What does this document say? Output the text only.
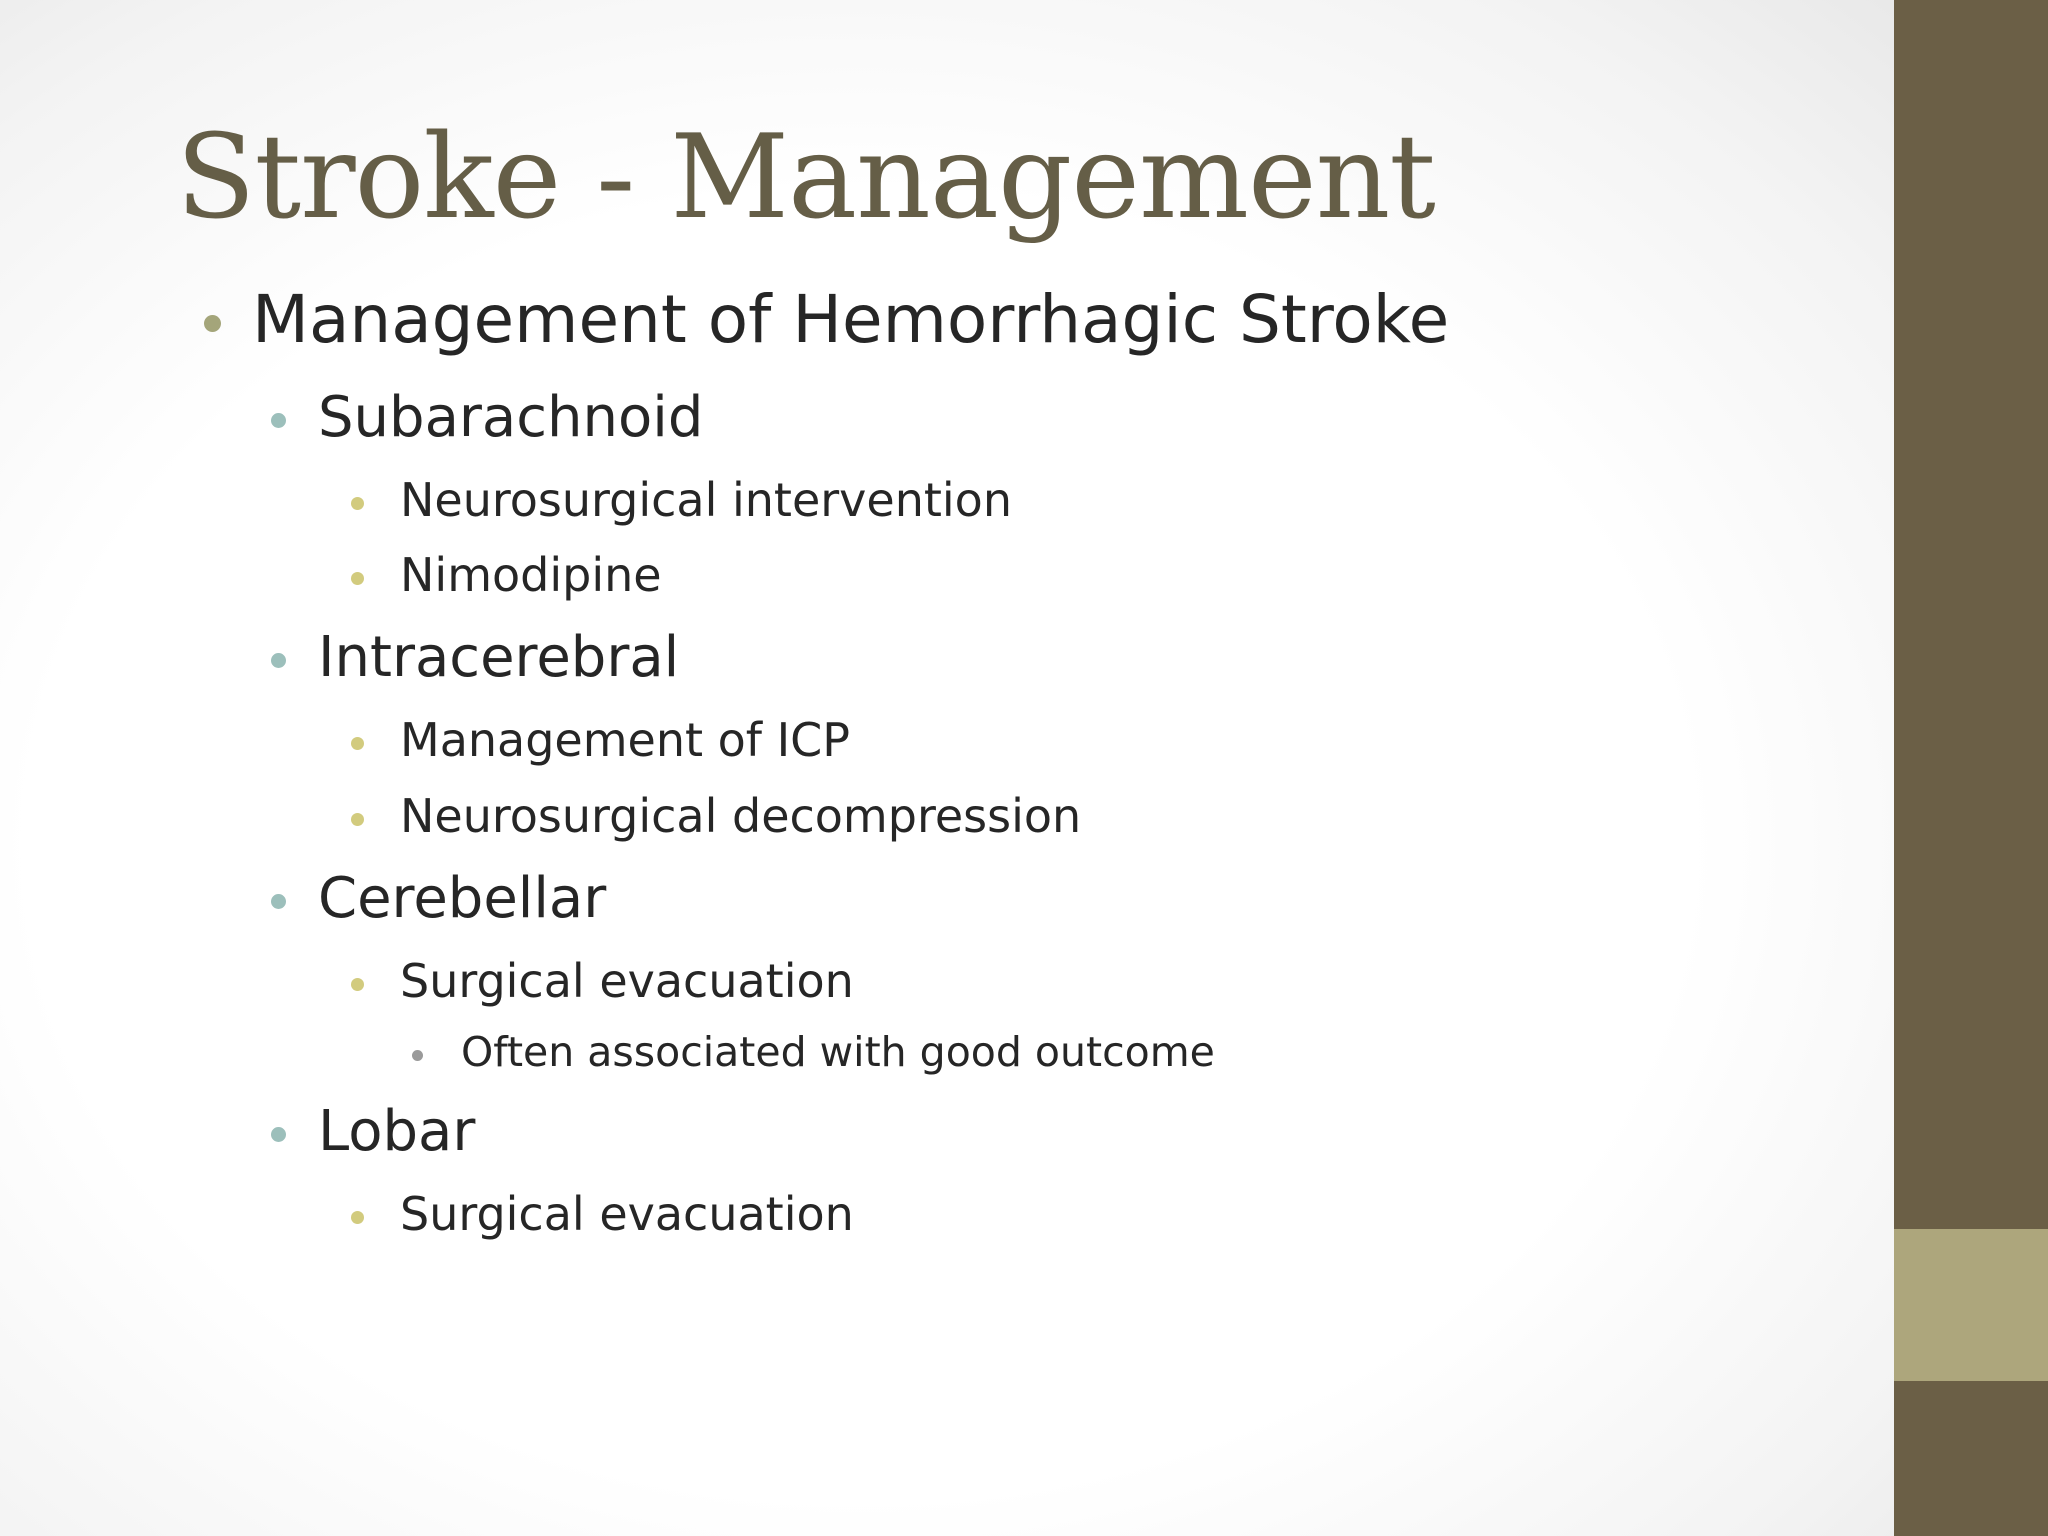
Stroke - Management
Management of Hemorrhagic Stroke
Subarachnoid
Neurosurgical intervention
Nimodipine
Intracerebral
Management of ICP
Neurosurgical decompression
Cerebellar
Surgical evacuation
Often associated with good outcome
Lobar
Surgical evacuation
